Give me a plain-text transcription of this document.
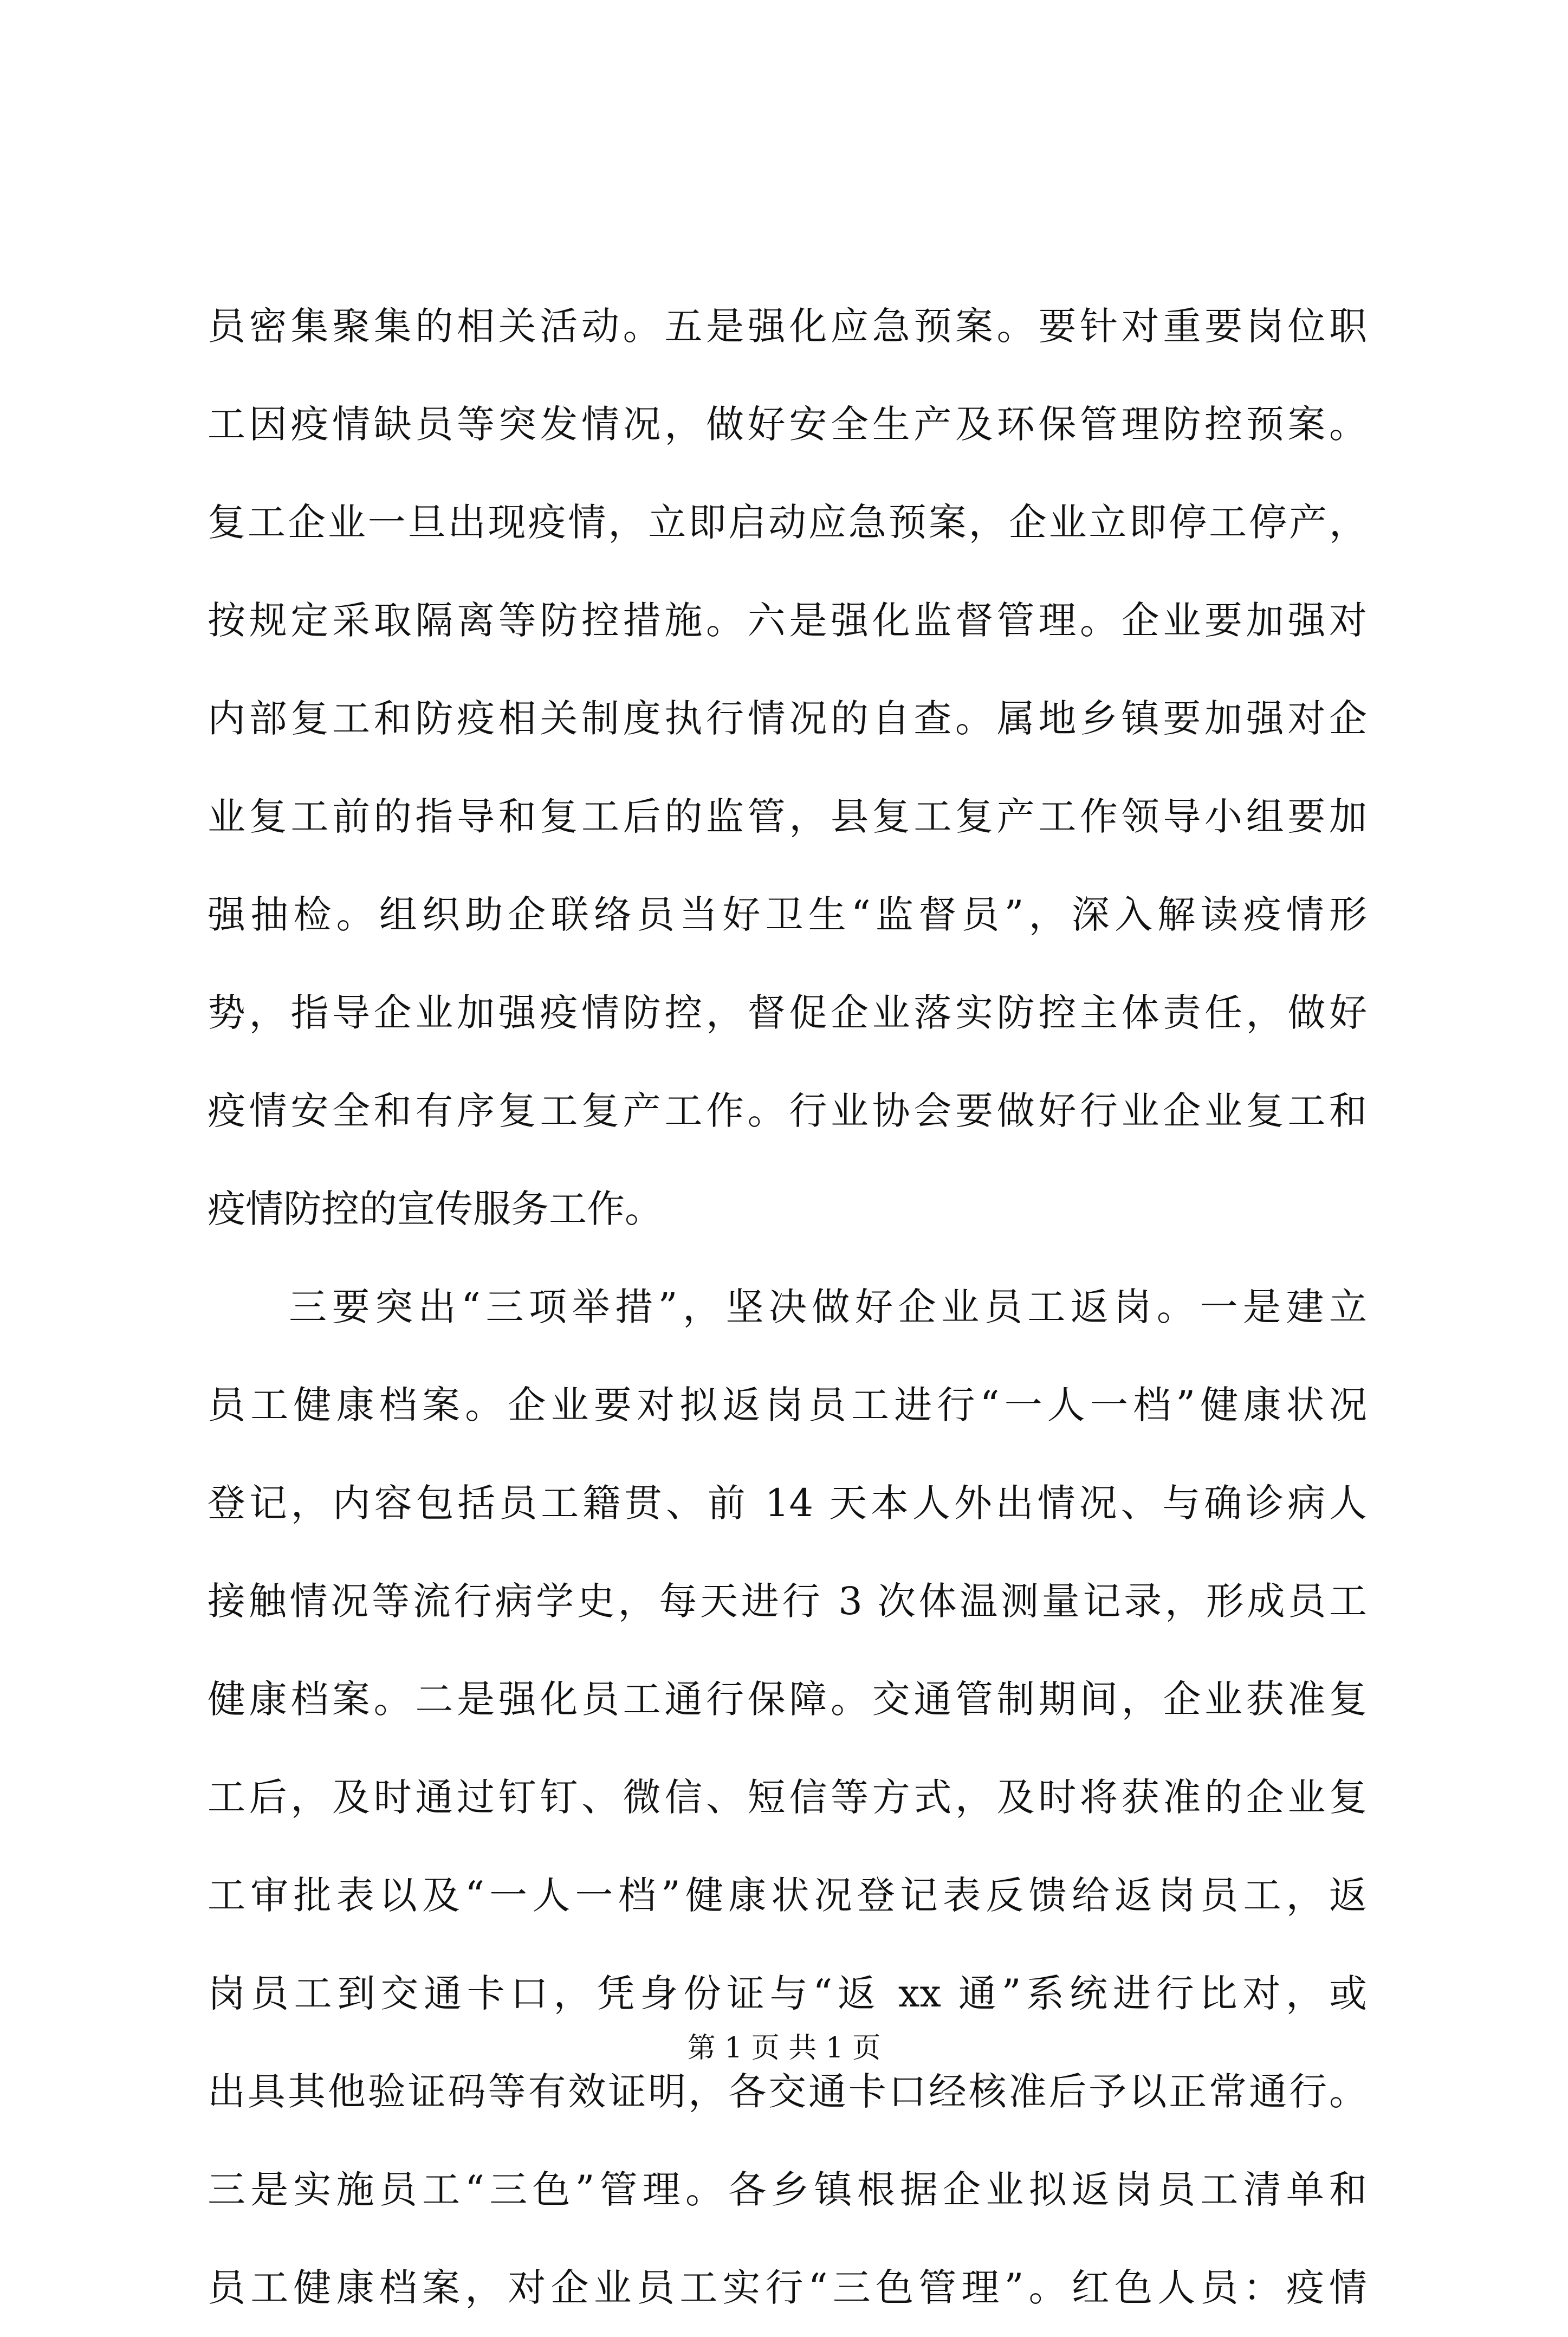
员密集聚集的相关活动。五是强化应急预案。要针对重要岗位职
工因疫情缺员等突发情况，做好安全生产及环保管理防控预案。
复工企业一旦出现疫情，立即启动应急预案，企业立即停工停产，
按规定采取隔离等防控措施。六是强化监督管理。企业要加强对
内部复工和防疫相关制度执行情况的自查。属地乡镇要加强对企
业复工前的指导和复工后的监管，县复工复产工作领导小组要加
强抽检。组织助企联络员当好卫生“监督员”，深入解读疫情形
势，指导企业加强疫情防控，督促企业落实防控主体责任，做好
疫情安全和有序复工复产工作。行业协会要做好行业企业复工和
疫情防控的宣传服务工作。
三要突出“三项举措”，坚决做好企业员工返岗。一是建立
员工健康档案。企业要对拟返岗员工进行“一人一档”健康状况
登记，内容包括员工籍贯、前 14 天本人外出情况、与确诊病人
接触情况等流行病学史，每天进行 3 次体温测量记录，形成员工
健康档案。二是强化员工通行保障。交通管制期间，企业获准复
工后，及时通过钉钉、微信、短信等方式，及时将获准的企业复
工审批表以及“一人一档”健康状况登记表反馈给返岗员工，返
岗员工到交通卡口，凭身份证与“返 xx 通”系统进行比对，或
出具其他验证码等有效证明，各交通卡口经核准后予以正常通行。
三是实施员工“三色”管理。各乡镇根据企业拟返岗员工清单和
员工健康档案，对企业员工实行“三色管理”。红色人员：疫情
第 1 页 共 1 页
